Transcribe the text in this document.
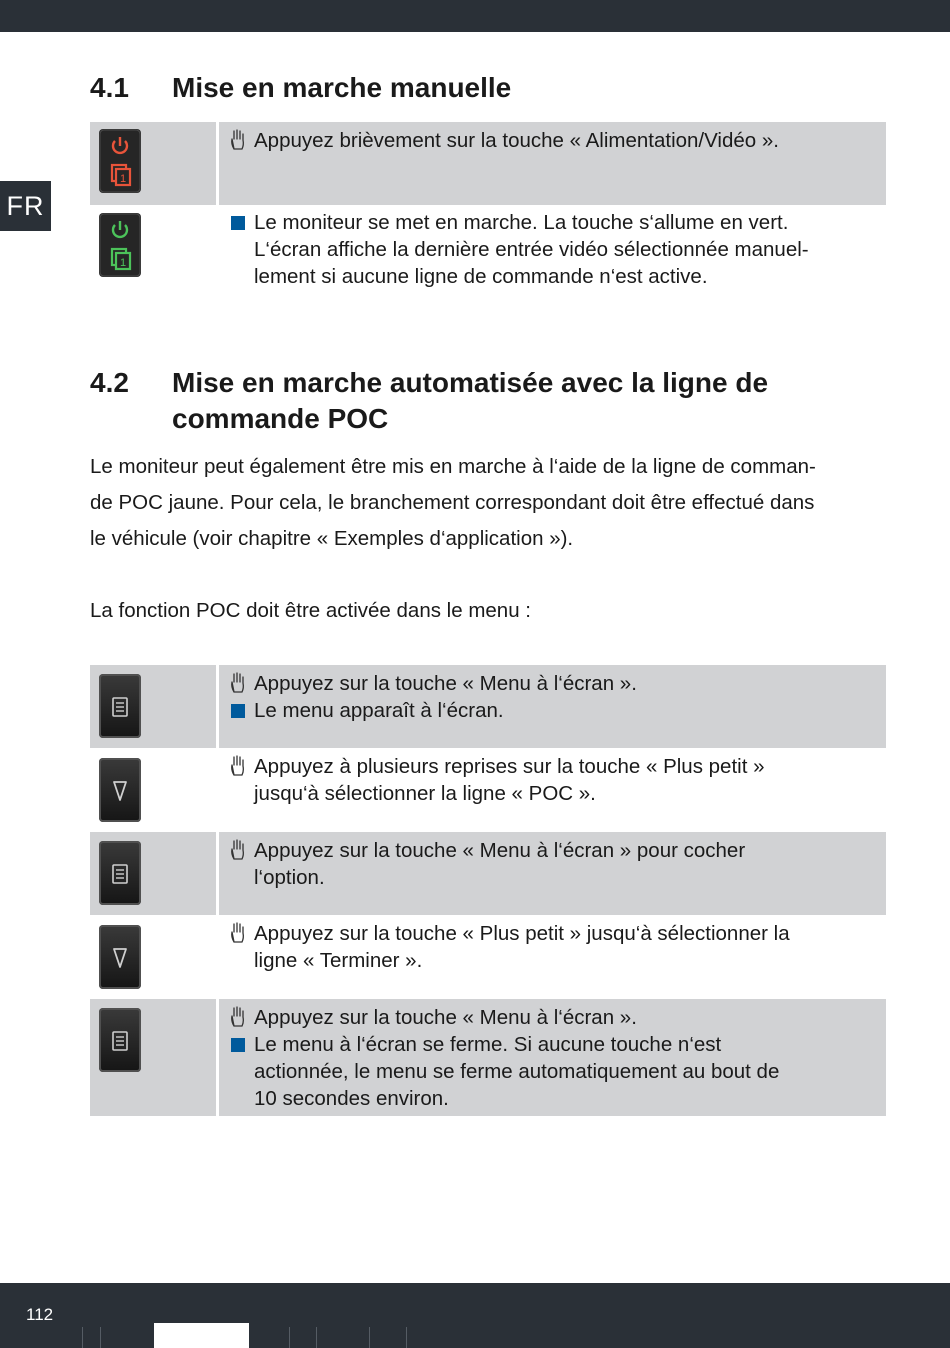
FR
4.1 Mise en marche manuelle
1
Appuyez brièvement sur la touche « Alimentation/Vidéo ».
1
Le moniteur se met en marche. La touche s‘allume en vert.
L‘écran affiche la dernière entrée vidéo sélectionnée manuel-
lement si aucune ligne de commande n‘est active.
4.2 Mise en marche automatisée avec la ligne de
commande POC
Le moniteur peut également être mis en marche à l‘aide de la ligne de comman-
de POC jaune. Pour cela, le branchement correspondant doit être effectué dans
le véhicule (voir chapitre « Exemples d‘application »).
La fonction POC doit être activée dans le menu :
Appuyez sur la touche « Menu à l‘écran ».
Le menu apparaît à l‘écran.
Appuyez à plusieurs reprises sur la touche « Plus petit »
jusqu‘à sélectionner la ligne « POC ».
Appuyez sur la touche « Menu à l‘écran » pour cocher
l‘option.
Appuyez sur la touche « Plus petit » jusqu‘à sélectionner la
ligne « Terminer ».
Appuyez sur la touche « Menu à l‘écran ».
Le menu à l‘écran se ferme. Si aucune touche n‘est
actionnée, le menu se ferme automatiquement au bout de
10 secondes environ.
112
